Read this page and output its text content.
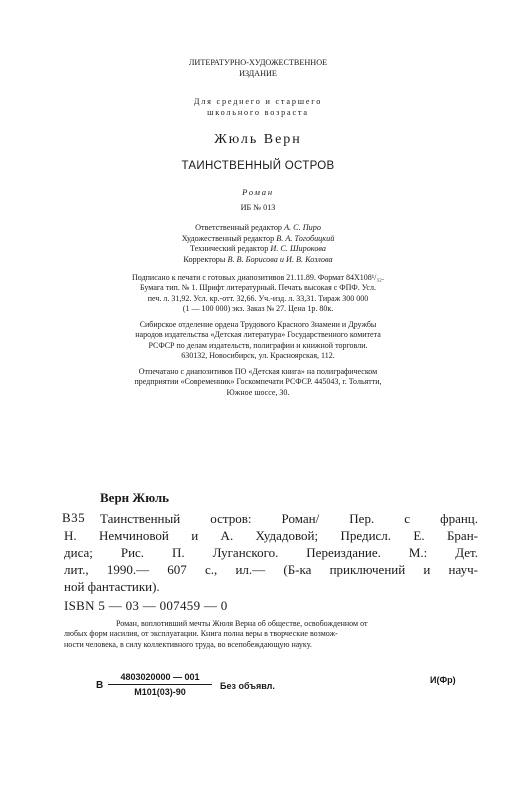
ЛИТЕРАТУРНО-ХУДОЖЕСТВЕННОЕ
ИЗДАНИЕ
Для среднего и старшего
школьного возраста
Жюль Верн
ТАИНСТВЕННЫЙ ОСТРОВ
Роман
ИБ № 013
Ответственный редактор А. С. Пиро
Художественный редактор В. А. Тогобицкий
Технический редактор И. С. Широкова
Корректоры В. В. Борисова и И. В. Козлова
Подписано к печати с готовых диапозитивов 21.11.89. Формат 84Х108¹/₃₂.
Бумага тип. № 1. Шрифт литературный. Печать высокая с ФПФ. Усл.
печ. л. 31,92. Усл. кр.-отт. 32,66. Уч.-изд. л. 33,31. Тираж 300 000
(1 — 100 000) экз. Заказ № 27. Цена 1р. 80к.
Сибирское отделение ордена Трудового Красного Знамени и Дружбы
народов издательства «Детская литература» Государственного комитета
РСФСР по делам издательств, полиграфии и книжной торговли.
630132, Новосибирск, ул. Красноярская, 112.
Отпечатано с диапозитивов ПО «Детская книга» на полиграфическом
предприятии «Современник» Госкомпечати РСФСР. 445043, г. Тольятти,
Южное шоссе, 30.
Верн Жюль
В35 Таинственный остров: Роман/ Пер. с франц.
Н. Немчиновой и А. Худадовой; Предисл. Е. Бран-
диса; Рис. П. Луганского. Переиздание. М.: Дет.
лит., 1990.— 607 с., ил.— (Б-ка приключений и науч-
ной фантастики).
ISBN 5 — 03 — 007459 — 0
Роман, воплотивший мечты Жюля Верна об обществе, освобожденном от
любых форм насилия, от эксплуатации. Книга полна веры в творческие возмож-
ности человека, в силу коллективного труда, во всепобеждающую науку.
В
4803020000 — 001
М101(03)-90
Без объявл.
И(Фр)
